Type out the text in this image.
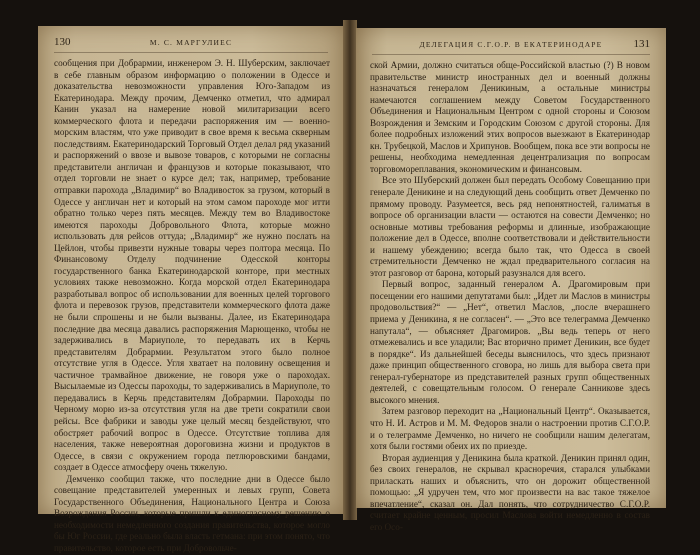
130	М. С. МАРГУЛИЕС

сообщения при Добрармии, инженером Э. Н. Шуберским, заключает в себе главным образом информацию о положении в Одессе и доказательства невозможности управления Юго-Западом из Екатеринодара. Между прочим, Демченко отметил, что адмирал Канин указал на намерение новой милитаризации всего коммерческого флота и передачи распоряжения им — военно-морским властям, что уже приводит в свое время к весьма скверным последствиям. Екатеринодарский Торговый Отдел делал ряд указаний и распоряжений о ввозе и вывозе товаров, с которыми не согласны представители англичан и французов и которые показывают, что отдел торговли не знает о курсе дел; так, например, требование отправки парохода „Владимир“ во Владивосток за грузом, который в Одессе у англичан нет и который на этом самом пароходе мог итти обратно только через пять месяцев. Между тем во Владивостоке имеются пароходы Добровольного Флота, которые можно использовать для рейсов оттуда; „Владимир“ же нужно послать на Цейлон, чтобы привезти нужные товары через полтора месяца. По Финансовому Отделу подчинение Одесской конторы государственного банка Екатеринодарской конторе, при местных условиях также невозможно. Когда морской отдел Екатеринодара разработывал вопрос об использовании для военных целей торгового флота и перевозок грузов, представители коммерческого флота даже не были спрошены и не были вызваны. Далее, из Екатеринодара последние два месяца давались распоряжения Марющенко, чтобы не задерживались в Мариуполе, то передавать их в Керчь представителям Добрармии. Результатом этого было полное отсутствие угля в Одессе. Угля хватает на половину освещения и частичное трамвайное движение, не говоря уже о пароходах. Высылаемые из Одессы пароходы, то задерживались в Мариуполе, то передавались в Керчь представителям Добрармии. Пароходы по Черному морю из-за отсутствия угля на две трети сократили свои рейсы. Все фабрики и заводы уже целый месяц бездействуют, что обостряет рабочий вопрос в Одессе. Отсутствие топлива для населения, также невероятная дороговизна жизни и продуктов в Одессе, в связи с окружением города петлюровскими бандами, создает в Одессе атмосферу очень тяжелую.

Демченко сообщил также, что последние дни в Одессе было совещание представителей умеренных и левых групп, Совета Государственного Объединения, Национального Центра и Союза Возрождения России, которые пришли к единогласному решению о необходимости немедленного создания правительства, которое могло бы Юг России, где реально была власть гетмана: при этом понято, что правительство, которое есть при Добровольче-

ДЕЛЕГАЦИЯ С.Г.О.Р. В ЕКАТЕРИНОДАРЕ	131

ской Армии, должно считаться обще-Российской властью (?) В новом правительстве министр иностранных дел и военный должны назначаться генералом Деникиным, а остальные министры намечаются соглашением между Советом Государственного Объединения и Национальным Центром с одной стороны и Союзом Возрождения и Земским и Городским Союзом с другой стороны. Для более подробных изложений этих вопросов выезжают в Екатеринодар кн. Трубецкой, Маслов и Хрипунов. Вообщем, пока все эти вопросы не решены, необходима немедленная децентрализация по вопросам торговомореплавания, экономическим и финансовым.

Все это Шуберский должен был передать Особому Совещанию при генерале Деникине и на следующий день сообщить ответ Демченко по прямому проводу. Разумеется, весь ряд непонятностей, галиматья в вопросе об организации власти — остаются на совести Демченко; но основные мотивы требования реформы и длинные, изображающие положение дел в Одессе, вполне соответствовали и действительности и нашему убеждению; всегда было так, что Одесса в своей стремительности Демченко не ждал предварительного согласия на этот разговор от барона, который разузнался для всего.

Первый вопрос, заданный генералом А. Драгомировым при посещении его нашими депутатами был: „Идет ли Маслов в министры продовольствия?“ — „Нет“, ответил Маслов, „после вчерашнего приема у Деникина, я не согласен“. — „Это все телеграмма Демченко напутала“, — объясняет Драгомиров. „Вы ведь теперь от него отмежевались и все уладили; Вас вторично примет Деникин, все будет в порядке“. Из дальнейшей беседы выяснилось, что здесь признают даже принцип общественного сговора, но лишь для выбора света при генерал-губернаторе из представителей разных групп общественных деятелей, с совещательным голосом. О генерале Санникове здесь высокого мнения.

Затем разговор переходит на „Национальный Центр“. Оказывается, что Н. И. Астров и М. М. Федоров знали о настроении против С.Г.О.Р. и о телеграмме Демченко, но ничего не сообщили нашим делегатам, хотя были гостями обеих их по приезде.

Вторая аудиенция у Деникина была краткой. Деникин принял один, без своих генералов, не скрывал красноречия, старался улыбками приласкать наших и объяснить, что он дорожит общественной помощью: „Я удручен тем, что мог произвести на вас такое тяжелое впечатление“, сказал он. Дал понять, что сотрудничество С.Г.О.Р. считает крайне ценным, просил Маслова войти немедленно в состав его Осо-
